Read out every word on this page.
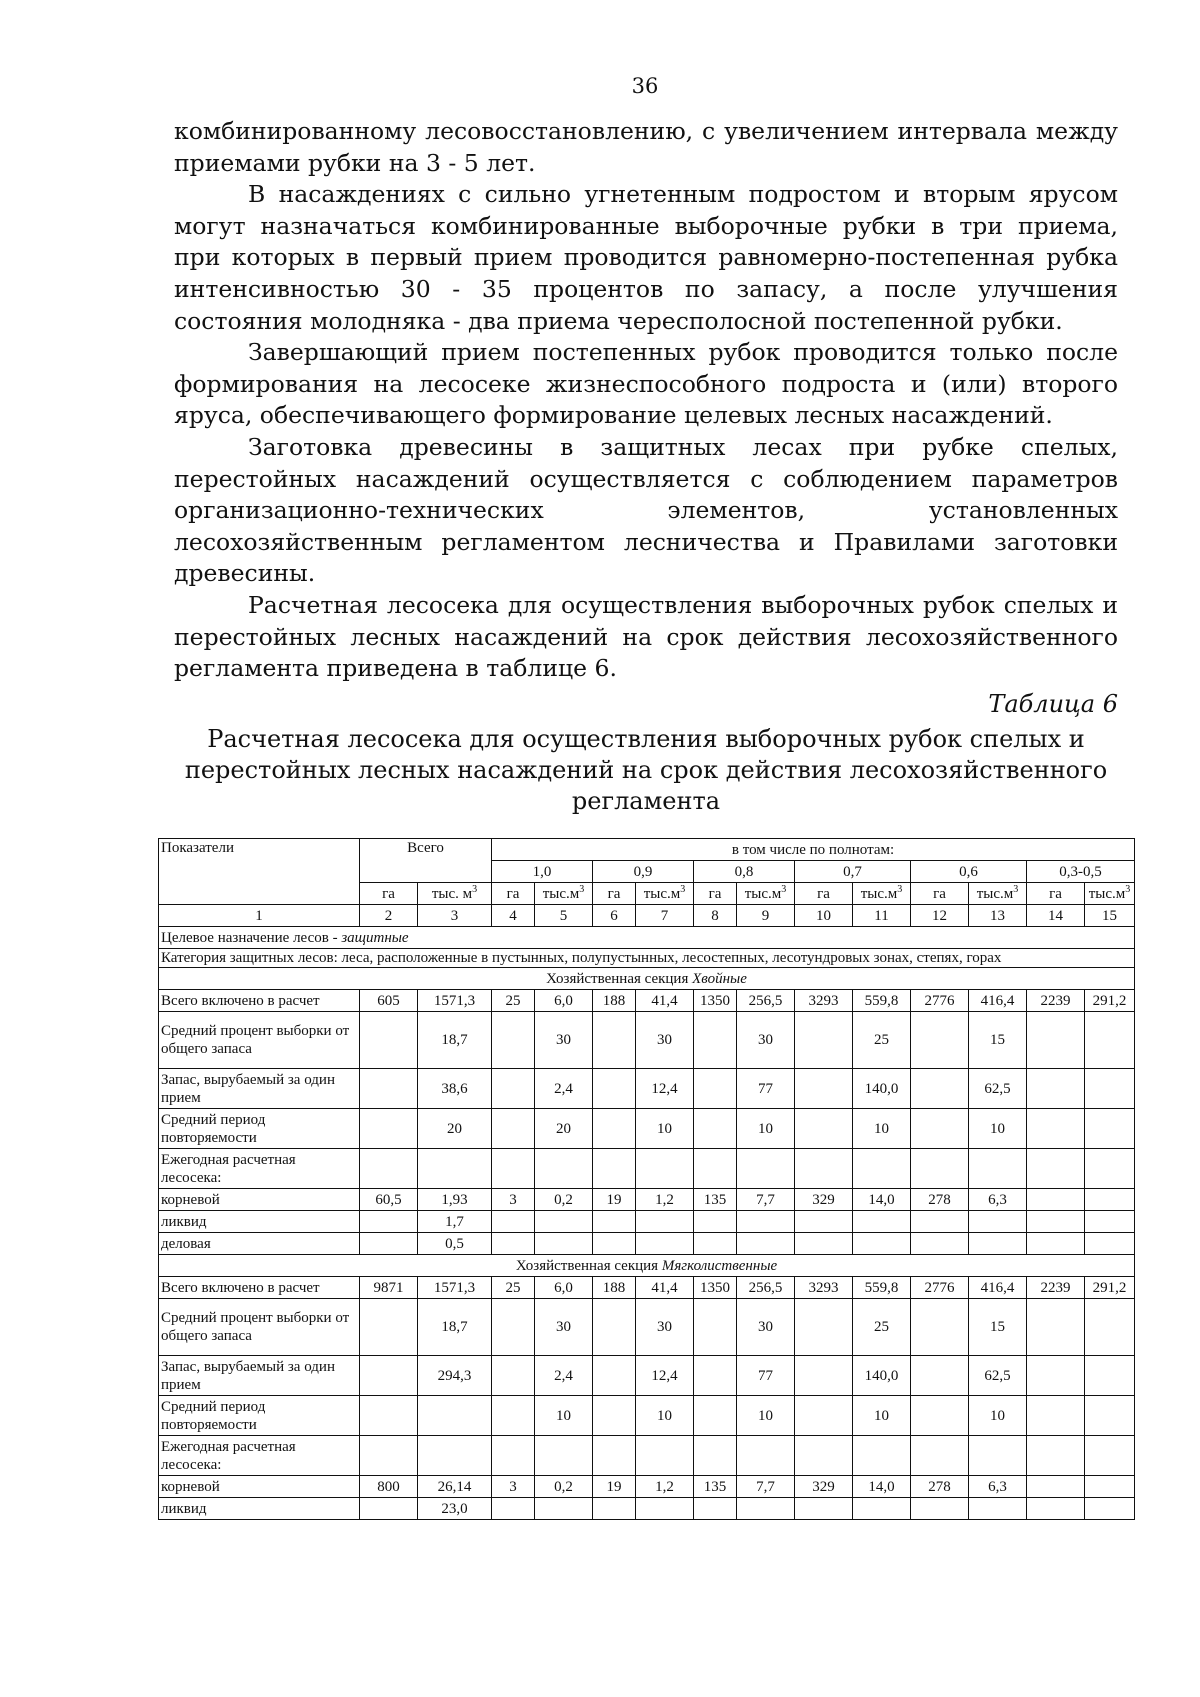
36

комбинированному лесовосстановлению, с увеличением интервала между приемами рубки на 3 - 5 лет.

В насаждениях с сильно угнетенным подростом и вторым ярусом могут назначаться комбинированные выборочные рубки в три приема, при которых в первый прием проводится равномерно-постепенная рубка интенсивностью 30 - 35 процентов по запасу, а после улучшения состояния молодняка - два приема чересполосной постепенной рубки.

Завершающий прием постепенных рубок проводится только после формирования на лесосеке жизнеспособного подроста и (или) второго яруса, обеспечивающего формирование целевых лесных насаждений.

Заготовка древесины в защитных лесах при рубке спелых, перестойных насаждений осуществляется с соблюдением параметров организационно-технических элементов, установленных лесохозяйственным регламентом лесничества и Правилами заготовки древесины.

Расчетная лесосека для осуществления выборочных рубок спелых и перестойных лесных насаждений на срок действия лесохозяйственного регламента приведена в таблице 6.

Таблица 6
Расчетная лесосека для осуществления выборочных рубок спелых и перестойных лесных насаждений на срок действия лесохозяйственного регламента
Показатели	Всего		в том числе по полнотам:											
			1,0		0,9		0,8		0,7		0,6		0,3-0,5	
	га	тыс. $м^3$	га	$тыс.м^3$	га	$тыс.м^3$	га	$тыс.м^3$	га	$тыс.м^3$	га	$тыс.м^3$	га	$тыс.м^3$
1	2	3	4	5	6	7	8	9	10	11	12	13	14	15
Целевое назначение лесов - защитные														
Категория защитных лесов: леса, расположенные в пустынных, полупустынных, лесостепных, лесотундровых зонах, степях, горах														
Хозяйственная секция Хвойные														
Всего включено в расчет	605	1571,3	25	6,0	188	41,4	1350	256,5	3293	559,8	2776	416,4	2239	291,2
Средний процент выборки от общего запаса		18,7		30		30		30		25		15		
Запас, вырубаемый за один прием		38,6		2,4		12,4		77		140,0		62,5		
Средний период повторяемости		20		20		10		10		10		10		
Ежегодная расчетная лесосека:														
корневой	60,5	1,93	3	0,2	19	1,2	135	7,7	329	14,0	278	6,3		
ликвид		1,7												
деловая		0,5												
Хозяйственная секция Мягколиственные														
Всего включено в расчет	9871	1571,3	25	6,0	188	41,4	1350	256,5	3293	559,8	2776	416,4	2239	291,2
Средний процент выборки от общего запаса		18,7		30		30		30		25		15		
Запас, вырубаемый за один прием		294,3		2,4		12,4		77		140,0		62,5		
Средний период повторяемости				10		10		10		10		10		
Ежегодная расчетная лесосека:														
корневой	800	26,14	3	0,2	19	1,2	135	7,7	329	14,0	278	6,3		
ликвид		23,0												
